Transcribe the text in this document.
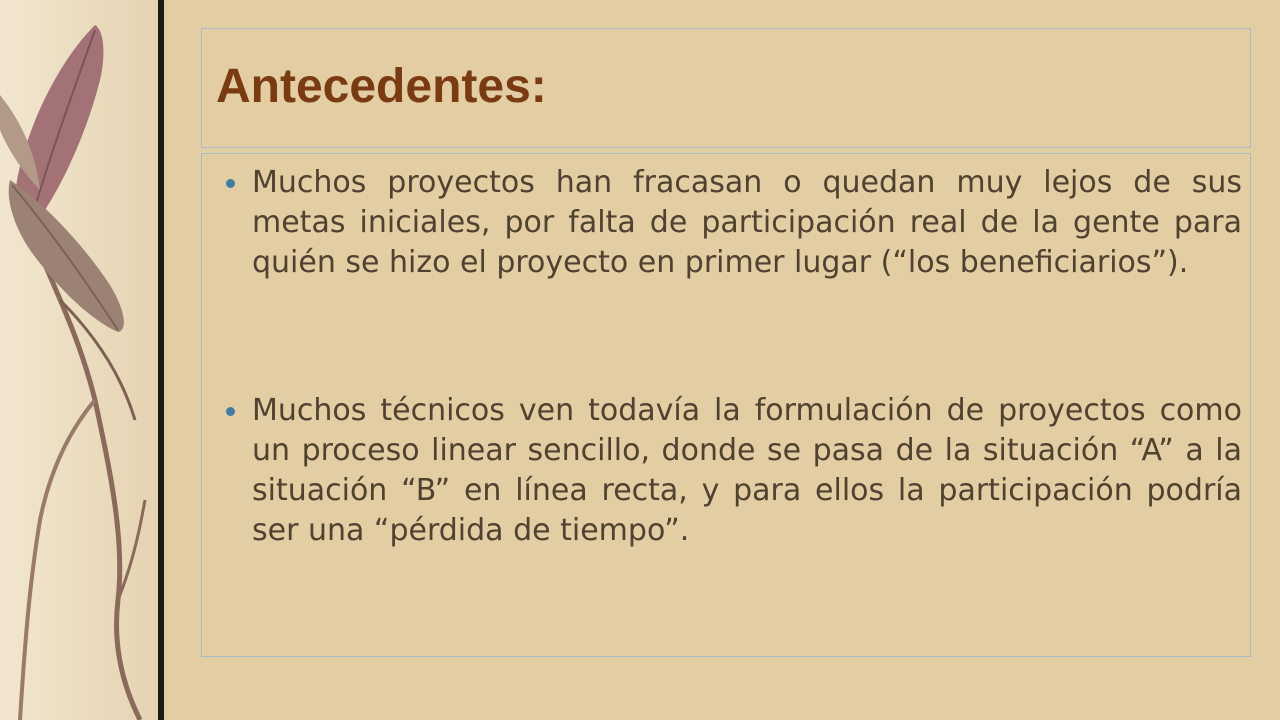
Antecedentes:
Muchos proyectos han fracasan o quedan muy lejos de sus metas iniciales, por falta de participación real de la gente para quién se hizo el proyecto en primer lugar (“los beneficiarios”).
Muchos técnicos ven todavía la formulación de proyectos como un proceso linear sencillo, donde se pasa de la situación “A” a la situación “B” en línea recta, y para ellos la participación podría ser una “pérdida de tiempo”.
